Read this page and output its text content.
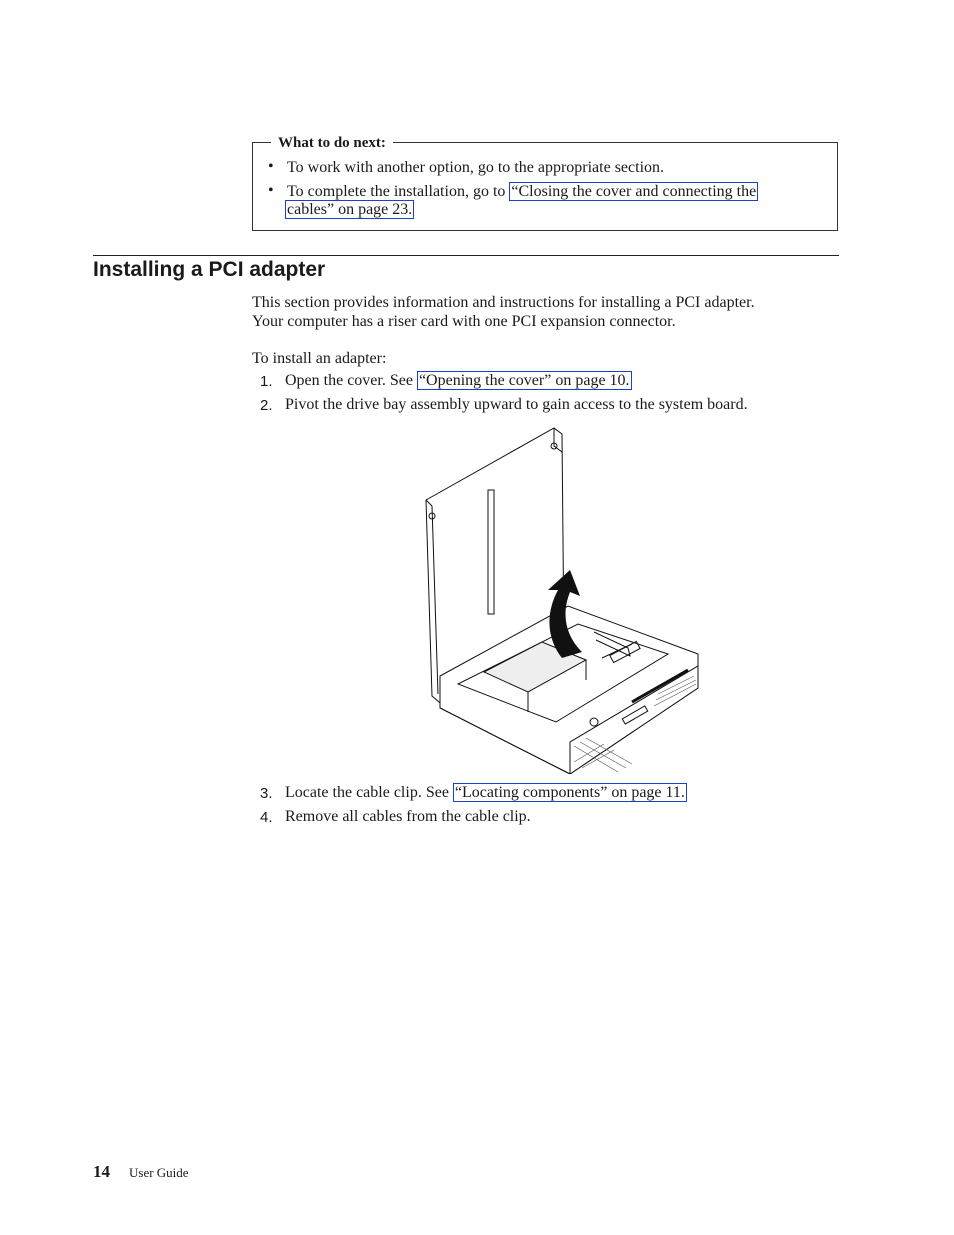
What to do next:
• To work with another option, go to the appropriate section.
• To complete the installation, go to “Closing the cover and connecting the
cables” on page 23.
Installing a PCI adapter
This section provides information and instructions for installing a PCI adapter.
Your computer has a riser card with one PCI expansion connector.
To install an adapter:
1. Open the cover. See “Opening the cover” on page 10.
2. Pivot the drive bay assembly upward to gain access to the system board.
3. Locate the cable clip. See “Locating components” on page 11.
4. Remove all cables from the cable clip.
14 User Guide
